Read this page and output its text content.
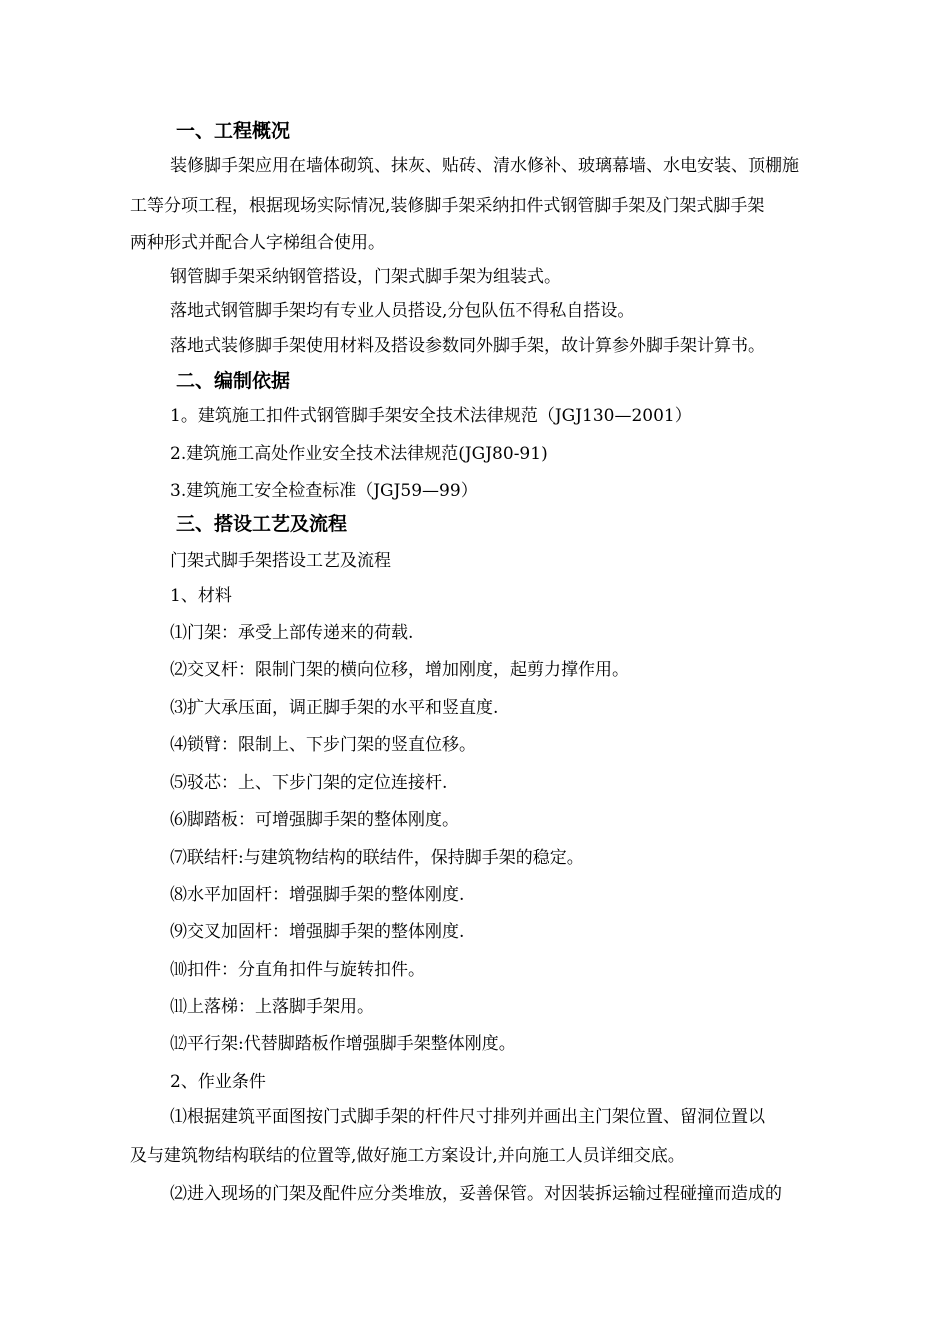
一、工程概况
装修脚手架应用在墙体砌筑、抹灰、贴砖、清水修补、玻璃幕墙、水电安装、顶棚施
工等分项工程，根据现场实际情况,装修脚手架采纳扣件式钢管脚手架及门架式脚手架
两种形式并配合人字梯组合使用。
钢管脚手架采纳钢管搭设，门架式脚手架为组装式。
落地式钢管脚手架均有专业人员搭设,分包队伍不得私自搭设。
落地式装修脚手架使用材料及搭设参数同外脚手架，故计算参外脚手架计算书。
二、编制依据
1。建筑施工扣件式钢管脚手架安全技术法律规范（JGJ130—2001）
2.建筑施工高处作业安全技术法律规范(JGJ80-91)
3.建筑施工安全检查标准（JGJ59—99）
三、搭设工艺及流程
门架式脚手架搭设工艺及流程
1、材料
⑴门架：承受上部传递来的荷载.
⑵交叉杆：限制门架的横向位移，增加刚度，起剪力撑作用。
⑶扩大承压面，调正脚手架的水平和竖直度.
⑷锁臂：限制上、下步门架的竖直位移。
⑸驳芯：上、下步门架的定位连接杆.
⑹脚踏板：可增强脚手架的整体刚度。
⑺联结杆:与建筑物结构的联结件，保持脚手架的稳定。
⑻水平加固杆：增强脚手架的整体刚度.
⑼交叉加固杆：增强脚手架的整体刚度.
⑽扣件：分直角扣件与旋转扣件。
⑾上落梯：上落脚手架用。
⑿平行架:代替脚踏板作增强脚手架整体刚度。
2、作业条件
⑴根据建筑平面图按门式脚手架的杆件尺寸排列并画出主门架位置、留洞位置以
及与建筑物结构联结的位置等,做好施工方案设计,并向施工人员详细交底。
⑵进入现场的门架及配件应分类堆放，妥善保管。对因装拆运输过程碰撞而造成的
